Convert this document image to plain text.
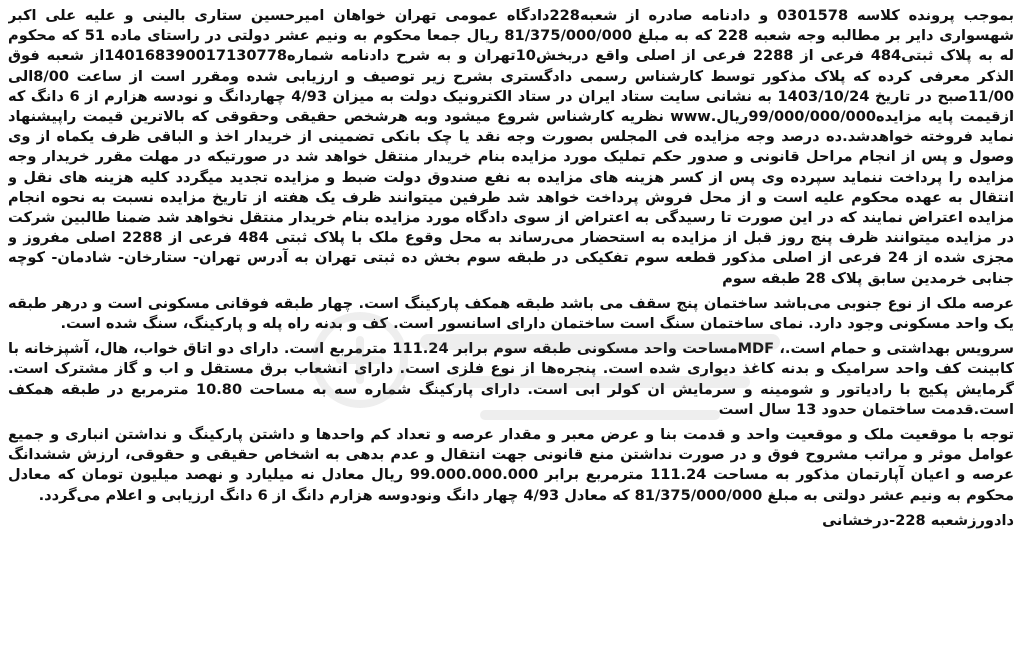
بموجب پرونده کلاسه 0301578 و دادنامه صادره از شعبه228دادگاه عمومی تهران خواهان امیرحسین ستاری بالینی و علیه علی اکبر شهسواری دایر بر مطالبه وجه شعبه 228 که به مبلغ 81/375/000/000 ریال جمعا محکوم به ونیم عشر دولتی در راستای ماده 51 که محکوم له به پلاک ثبتی484 فرعی از 2288 فرعی از اصلی واقع دربخش10تهران و به شرح دادنامه شماره140168390017130778از شعبه فوق الذکر معرفی کرده که پلاک مذکور توسط کارشناس رسمی دادگستری بشرح زیر توصیف و ارزیابی شده ومقرر است از ساعت 8/00الی 11/00صبح در تاریخ 1403/10/24 به نشانی سایت ستاد ایران در ستاد الکترونیک دولت به میزان 4/93 چهاردانگ و نودسه هزارم از 6 دانگ که ازقیمت پایه مزایده99/000/000/000ریال.www نظریه کارشناس شروع میشود وبه هرشخص حقیقی وحقوقی که بالاترین قیمت راپیشنهاد نماید فروخته خواهدشد.ده درصد وجه مزایده فی المجلس بصورت وجه نقد یا چک بانکی تضمینی از خریدار اخذ و الباقی ظرف یکماه از وی وصول و پس از انجام مراحل قانونی و صدور حکم تملیک مورد مزایده بنام خریدار منتقل خواهد شد در صورتیکه در مهلت مقرر خریدار وجه مزایده را پرداخت ننماید سپرده وی پس از کسر هزینه های مزایده به نفع صندوق دولت ضبط و مزایده تجدید میگردد کلیه هزینه های نقل و انتقال به عهده محکوم علیه است و از محل فروش پرداخت خواهد شد طرفین میتوانند ظرف یک هفته از تاریخ مزایده نسبت به نحوه انجام مزایده اعتراض نمایند که در این صورت تا رسیدگی به اعتراض از سوی دادگاه مورد مزایده بنام خریدار منتقل نخواهد شد ضمنا طالبین شرکت در مزایده میتوانند ظرف پنج روز قبل از مزایده به استحضار می‌رساند به محل وقوع ملک با پلاک ثبتی 484 فرعی از 2288 اصلی مفروز و مجزی شده از 24 فرعی از اصلی مذکور قطعه سوم تفکیکی در طبقه سوم بخش ده ثبتی تهران به آدرس تهران- ستارخان- شادمان- کوچه جنابی خرمدین سابق پلاک 28 طبقه سوم

عرصه ملک از نوع جنوبی می‌باشد ساختمان پنج سقف می باشد طبقه همکف پارکینگ است. چهار طبقه فوقانی مسکونی است و درهر طبقه یک واحد مسکونی وجود دارد. نمای ساختمان سنگ است ساختمان دارای اسانسور است. کف و بدنه راه پله و پارکینگ، سنگ شده است.

سرویس بهداشتی و حمام است.، MDFمساحت واحد مسکونی طبقه سوم برابر 111.24 مترمربع است. دارای دو اتاق خواب، هال، آشپزخانه با کابینت کف واحد سرامیک و بدنه کاغذ دیواری شده است. پنجره‌ها از نوع فلزی است. دارای انشعاب برق مستقل و اب و گاز مشترک است. گرمایش پکیج با رادیاتور و شومینه و سرمایش ان کولر ابی است. دارای پارکینگ شماره سه به مساحت 10.80 مترمربع در طبقه همکف است.قدمت ساختمان حدود 13 سال است

توجه با موقعیت ملک و موقعیت واحد و قدمت بنا و عرض معبر و مقدار عرصه و تعداد کم واحدها و داشتن پارکینگ و نداشتن انباری و جمیع عوامل موثر و مراتب مشروح فوق و در صورت نداشتن منع قانونی جهت انتقال و عدم بدهی به اشخاص حقیقی و حقوقی، ارزش ششدانگ عرصه و اعیان آپارتمان مذکور به مساحت 111.24 مترمربع برابر 99.000.000.000 ریال معادل نه میلیارد و نهصد میلیون تومان که معادل محکوم به ونیم عشر دولتی به مبلغ 81/375/000/000 که معادل 4/93 چهار دانگ ونودوسه هزارم دانگ از 6 دانگ ارزیابی و اعلام می‌گردد.

دادورزشعبه 228-درخشانی
